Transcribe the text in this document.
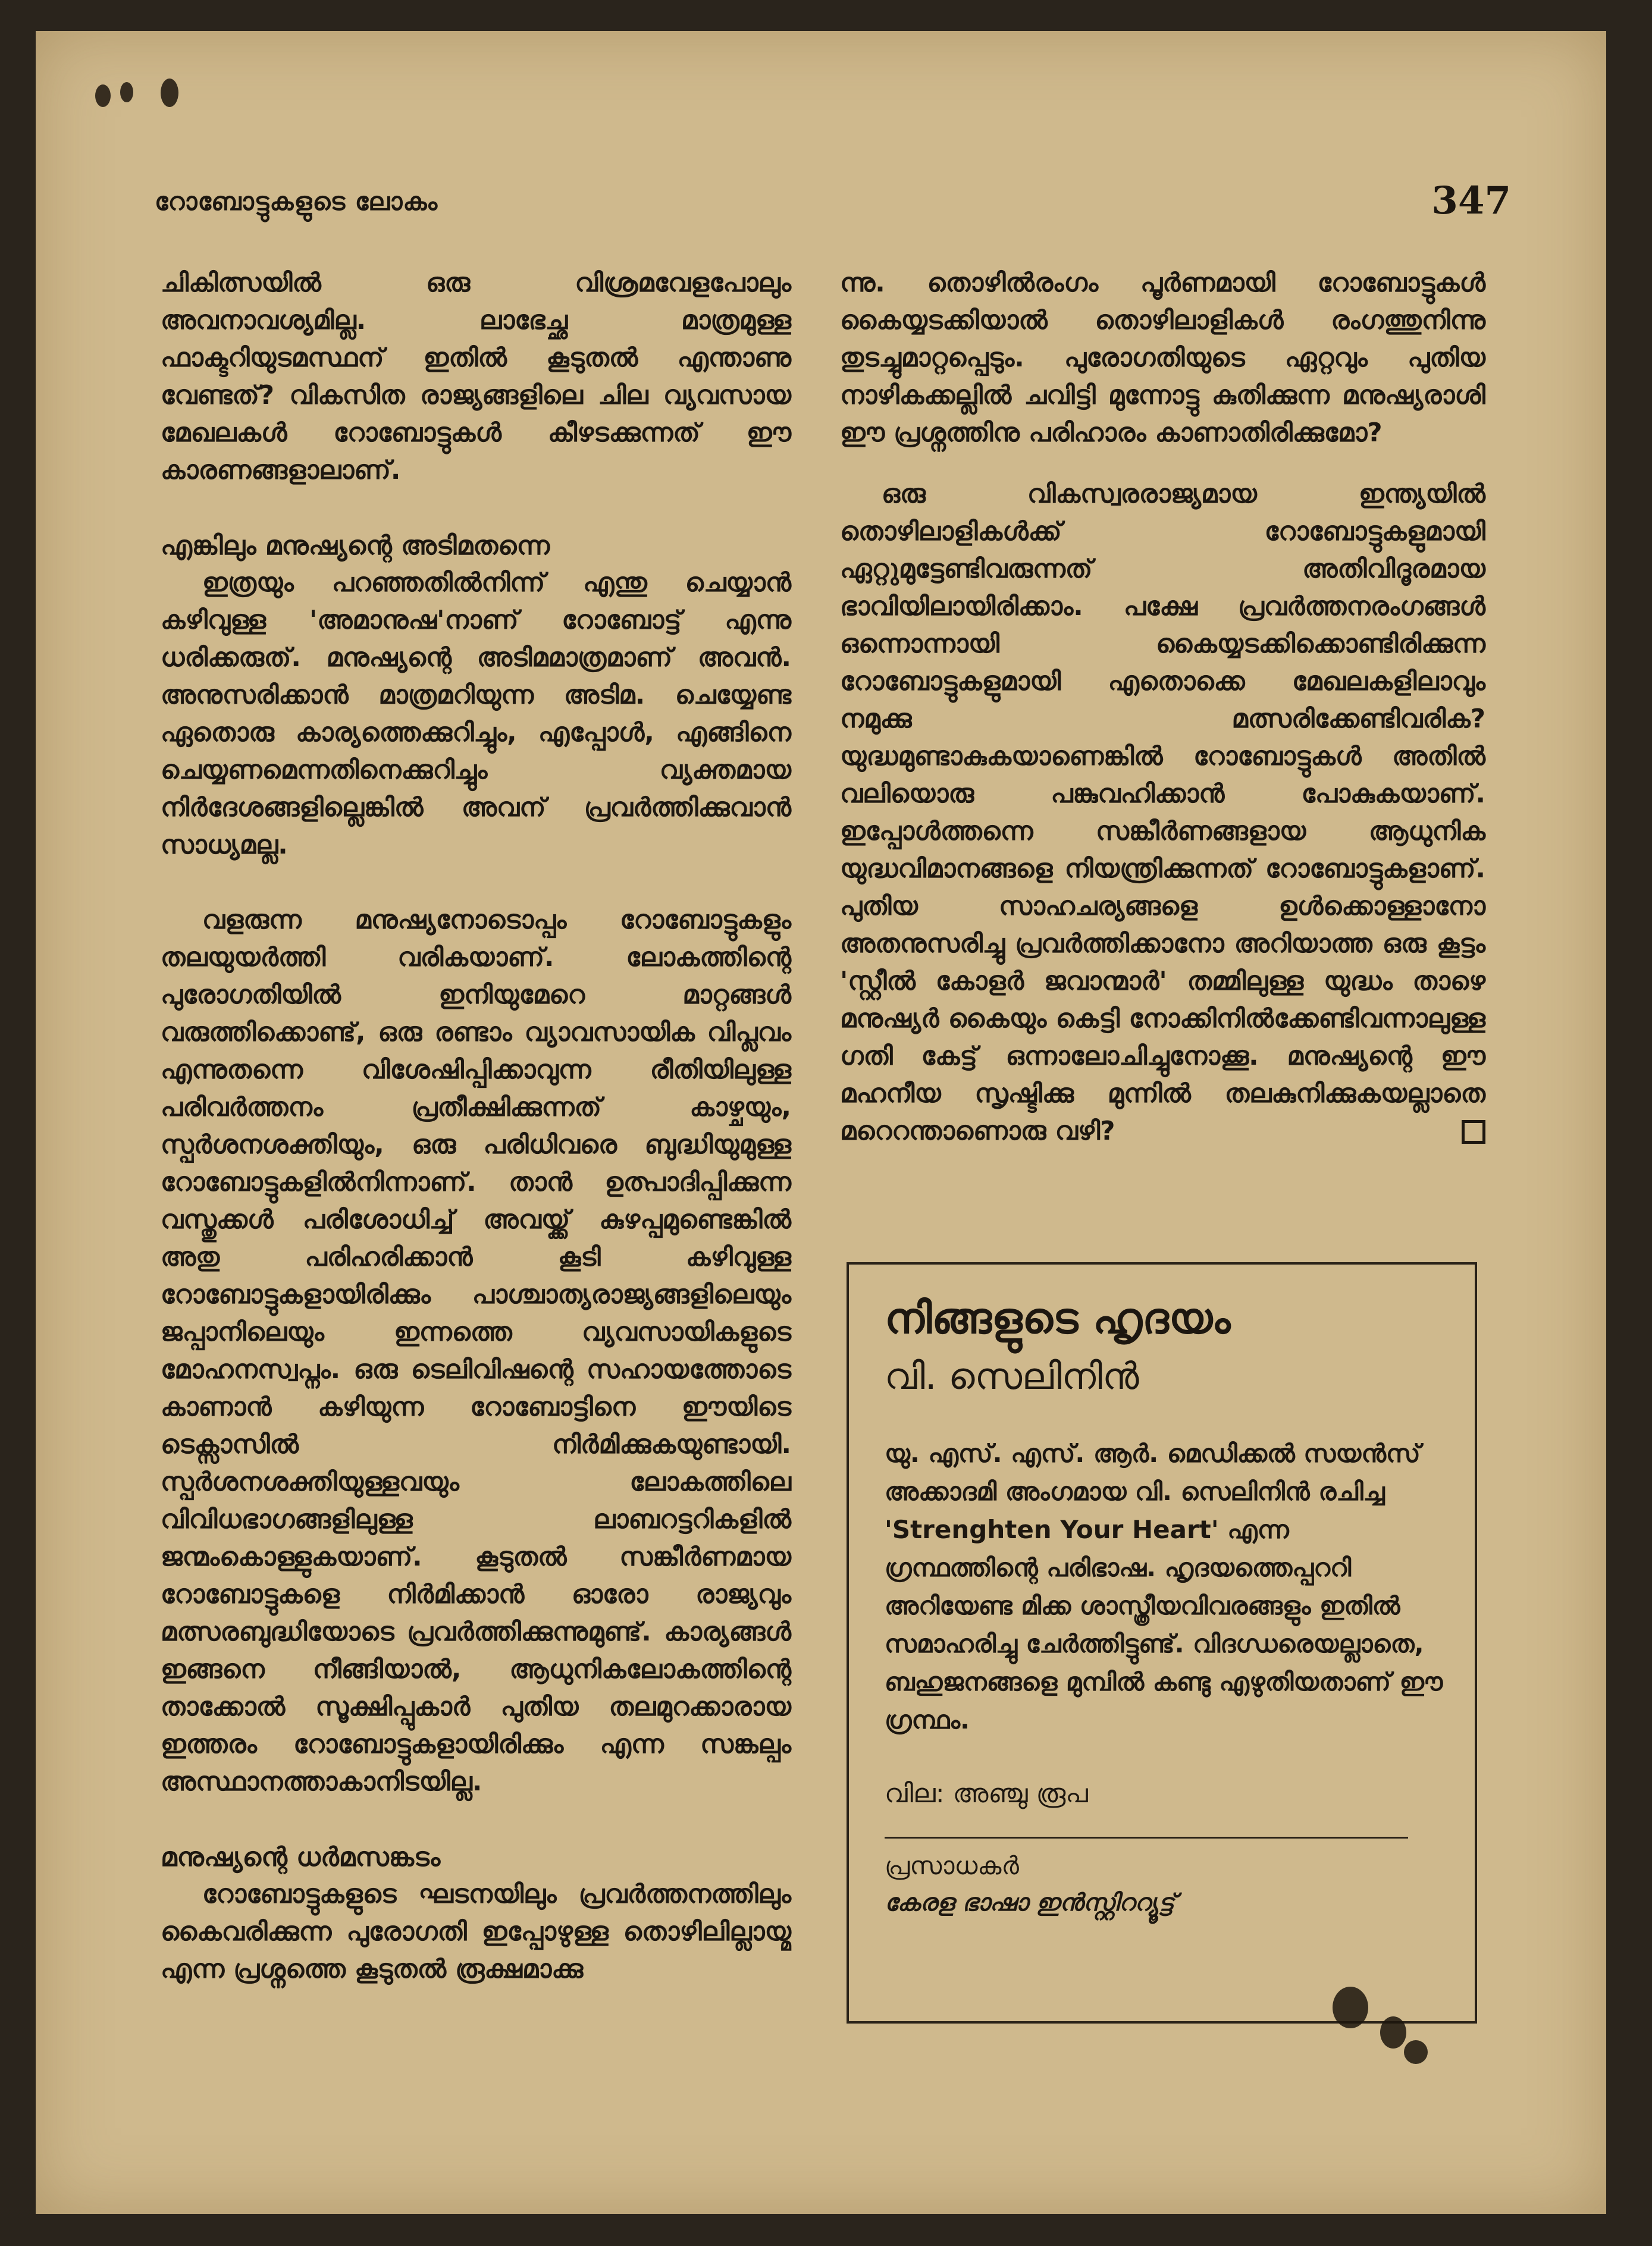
റോബോട്ടുകളുടെ ലോകം	347

ചികിത്സയിൽ ഒരു വിശ്രമവേളപോലും അവനാവശ്യമില്ല. ലാഭേച്ഛ മാത്രമുള്ള ഫാക്ടറിയുടമസ്ഥന് ഇതിൽ കൂടുതൽ എന്താണു വേണ്ടത്? വികസിത രാജ്യങ്ങളിലെ ചില വ്യവസായ മേഖലകൾ റോബോട്ടുകൾ കീഴടക്കുന്നത് ഈ കാരണങ്ങളാലാണ്.

എങ്കിലും മനുഷ്യന്റെ അടിമതന്നെ

ഇത്രയും പറഞ്ഞതിൽനിന്ന് എന്തു ചെയ്യാൻ കഴിവുള്ള 'അമാനുഷ'നാണ് റോബോട്ട് എന്നു ധരിക്കരുത്. മനുഷ്യന്റെ അടിമമാത്രമാണ് അവൻ. അനുസരിക്കാൻ മാത്രമറിയുന്ന അടിമ. ചെയ്യേണ്ട ഏതൊരു കാര്യത്തെക്കുറിച്ചും, എപ്പോൾ, എങ്ങിനെ ചെയ്യണമെന്നതിനെക്കുറിച്ചും വ്യക്തമായ നിർദേശങ്ങളില്ലെങ്കിൽ അവന് പ്രവർത്തിക്കുവാൻ സാധ്യമല്ല.

വളരുന്ന മനുഷ്യനോടൊപ്പം റോബോട്ടുകളും തലയുയർത്തി വരികയാണ്. ലോകത്തിന്റെ പുരോഗതിയിൽ ഇനിയുമേറെ മാറ്റങ്ങൾ വരുത്തിക്കൊണ്ട്, ഒരു രണ്ടാം വ്യാവസായിക വിപ്ലവം എന്നുതന്നെ വിശേഷിപ്പിക്കാവുന്ന രീതിയിലുള്ള പരിവർത്തനം പ്രതീക്ഷിക്കുന്നത് കാഴ്ചയും, സ്പർശനശക്തിയും, ഒരു പരിധിവരെ ബുദ്ധിയുമുള്ള റോബോട്ടുകളിൽനിന്നാണ്. താൻ ഉത്പാദിപ്പിക്കുന്ന വസ്തുക്കൾ പരിശോധിച്ച് അവയ്ക്ക് കുഴപ്പമുണ്ടെങ്കിൽ അതു പരിഹരിക്കാൻ കൂടി കഴിവുള്ള റോബോട്ടുകളായിരിക്കും പാശ്ചാത്യരാജ്യങ്ങളിലെയും ജപ്പാനിലെയും ഇന്നത്തെ വ്യവസായികളുടെ മോഹനസ്വപ്നം. ഒരു ടെലിവിഷന്റെ സഹായത്തോടെ കാണാൻ കഴിയുന്ന റോബോട്ടിനെ ഈയിടെ ടെക്സാസിൽ നിർമിക്കുകയുണ്ടായി. സ്പർശനശക്തിയുള്ളവയും ലോകത്തിലെ വിവിധഭാഗങ്ങളിലുള്ള ലാബറട്ടറികളിൽ ജന്മംകൊള്ളുകയാണ്. കൂടുതൽ സങ്കീർണമായ റോബോട്ടുകളെ നിർമിക്കാൻ ഓരോ രാജ്യവും മത്സരബുദ്ധിയോടെ പ്രവർത്തിക്കുന്നുമുണ്ട്. കാര്യങ്ങൾ ഇങ്ങനെ നീങ്ങിയാൽ, ആധുനികലോകത്തിന്റെ താക്കോൽ സൂക്ഷിപ്പുകാർ പുതിയ തലമുറക്കാരായ ഇത്തരം റോബോട്ടുകളായിരിക്കും എന്ന സങ്കല്പം അസ്ഥാനത്താകാനിടയില്ല.

മനുഷ്യന്റെ ധർമസങ്കടം

റോബോട്ടുകളുടെ ഘടനയിലും പ്രവർത്തനത്തിലും കൈവരിക്കുന്ന പുരോഗതി ഇപ്പോഴുള്ള തൊഴിലില്ലായ്മ എന്ന പ്രശ്നത്തെ കൂടുതൽ രൂക്ഷമാക്കു

ന്നു. തൊഴിൽരംഗം പൂർണമായി റോബോട്ടുകൾ കൈയ്യടക്കിയാൽ തൊഴിലാളികൾ രംഗത്തുനിന്നു തുടച്ചുമാറ്റപ്പെടും. പുരോഗതിയുടെ ഏറ്റവും പുതിയ നാഴികക്കല്ലിൽ ചവിട്ടി മുന്നോട്ടു കുതിക്കുന്ന മനുഷ്യരാശി ഈ പ്രശ്നത്തിനു പരിഹാരം കാണാതിരിക്കുമോ?

ഒരു വികസ്വരരാജ്യമായ ഇന്ത്യയിൽ തൊഴിലാളികൾക്ക് റോബോട്ടുകളുമായി ഏറ്റുമുട്ടേണ്ടിവരുന്നത് അതിവിദൂരമായ ഭാവിയിലായിരിക്കാം. പക്ഷേ പ്രവർത്തനരംഗങ്ങൾ ഒന്നൊന്നായി കൈയ്യടക്കിക്കൊണ്ടിരിക്കുന്ന റോബോട്ടുകളുമായി എതൊക്കെ മേഖലകളിലാവും നമുക്കു മത്സരിക്കേണ്ടിവരിക? യുദ്ധമുണ്ടാകുകയാണെങ്കിൽ റോബോട്ടുകൾ അതിൽ വലിയൊരു പങ്കുവഹിക്കാൻ പോകുകയാണ്. ഇപ്പോൾത്തന്നെ സങ്കീർണങ്ങളായ ആധുനിക യുദ്ധവിമാനങ്ങളെ നിയന്ത്രിക്കുന്നത് റോബോട്ടുകളാണ്. പുതിയ സാഹചര്യങ്ങളെ ഉൾക്കൊള്ളാനോ അതനുസരിച്ചു പ്രവർത്തിക്കാനോ അറിയാത്ത ഒരു കൂട്ടം 'സ്റ്റീൽ കോളർ ജവാന്മാർ' തമ്മിലുള്ള യുദ്ധം താഴെ മനുഷ്യർ കൈയും കെട്ടി നോക്കിനിൽക്കേണ്ടിവന്നാലുള്ള ഗതി കേട്ട് ഒന്നാലോചിച്ചുനോക്കൂ. മനുഷ്യന്റെ ഈ മഹനീയ സൃഷ്ടിക്കു മുന്നിൽ തലകുനിക്കുകയല്ലാതെ മറെറന്താണൊരു വഴി?

നിങ്ങളുടെ ഹൃദയം
വി. സെലിനിൻ
യു. എസ്. എസ്. ആർ. മെഡിക്കൽ സയൻസ് അക്കാദമി അംഗമായ വി. സെലിനിൻ രചിച്ച 'Strenghten Your Heart' എന്ന ഗ്രന്ഥത്തിന്റെ പരിഭാഷ. ഹൃദയത്തെപ്പററി അറിയേണ്ട മിക്ക ശാസ്ത്രീയവിവരങ്ങളും ഇതിൽ സമാഹരിച്ചു ചേർത്തിട്ടുണ്ട്. വിദഗ്ധരെയല്ലാതെ, ബഹുജനങ്ങളെ മുമ്പിൽ കണ്ടു എഴുതിയതാണ് ഈ ഗ്രന്ഥം.
വില: അഞ്ചു രൂപ
പ്രസാധകർ
കേരള ഭാഷാ ഇൻസ്റ്റിററ്യൂട്ട്
